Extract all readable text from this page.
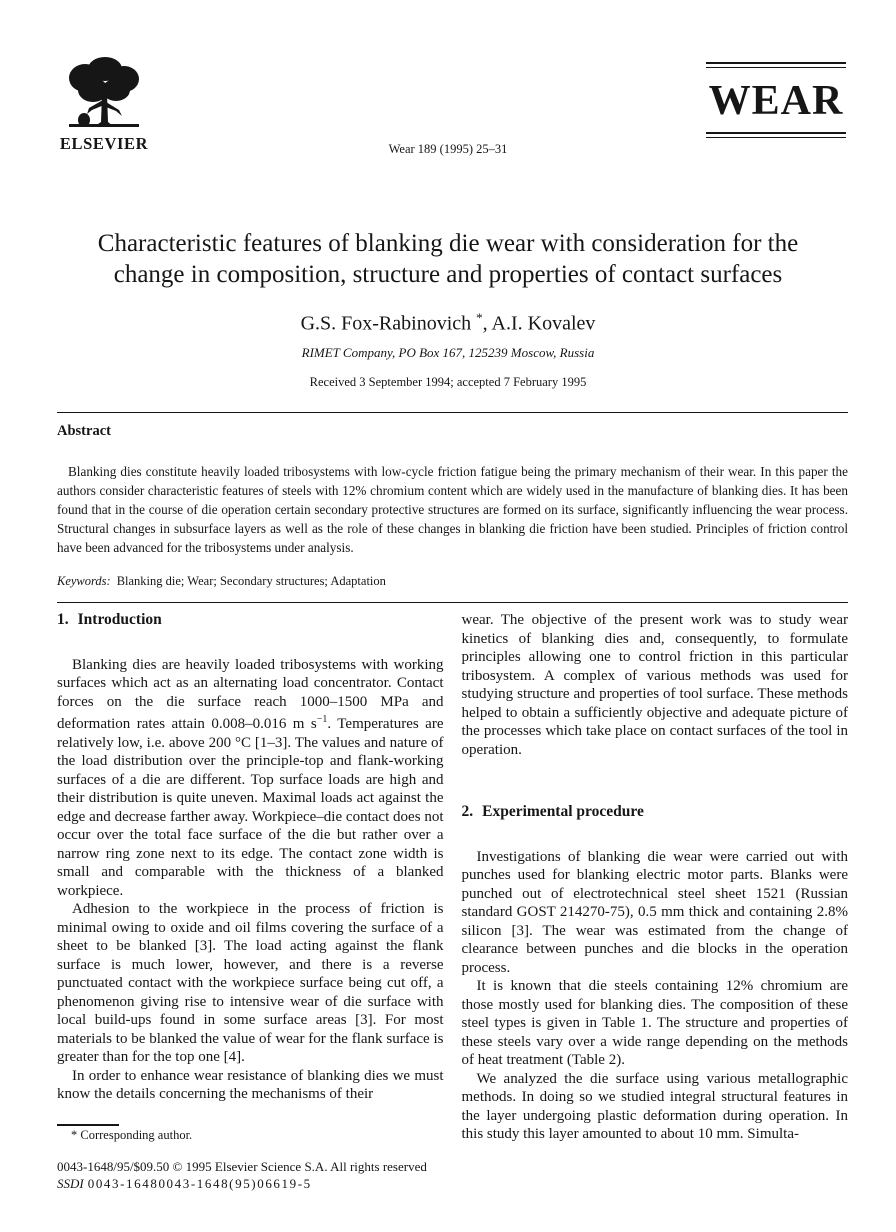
ELSEVIER	Wear 189 (1995) 25–31
WEAR
Characteristic features of blanking die wear with consideration for the
change in composition, structure and properties of contact surfaces
G.S. Fox-Rabinovich *, A.I. Kovalev
RIMET Company, PO Box 167, 125239 Moscow, Russia
Received 3 September 1994; accepted 7 February 1995
Abstract

Blanking dies constitute heavily loaded tribosystems with low-cycle friction fatigue being the primary mechanism of their wear. In this paper the authors consider characteristic features of steels with 12% chromium content which are widely used in the manufacture of blanking dies. It has been found that in the course of die operation certain secondary protective structures are formed on its surface, significantly influencing the wear process. Structural changes in subsurface layers as well as the role of these changes in blanking die friction have been studied. Principles of friction control have been advanced for the tribosystems under analysis.

Keywords: Blanking die; Wear; Secondary structures; Adaptation
1. Introduction

Blanking dies are heavily loaded tribosystems with working surfaces which act as an alternating load concentrator. Contact forces on the die surface reach 1000–1500 MPa and deformation rates attain 0.008–0.016 m $s^{-1}$. Temperatures are relatively low, i.e. above 200 °C [1–3]. The values and nature of the load distribution over the principle-top and flank-working surfaces of a die are different. Top surface loads are high and their distribution is quite uneven. Maximal loads act against the edge and decrease farther away. Workpiece–die contact does not occur over the total face surface of the die but rather over a narrow ring zone next to its edge. The contact zone width is small and comparable with the thickness of a blanked workpiece.

Adhesion to the workpiece in the process of friction is minimal owing to oxide and oil films covering the surface of a sheet to be blanked [3]. The load acting against the flank surface is much lower, however, and there is a reverse punctuated contact with the workpiece surface being cut off, a phenomenon giving rise to intensive wear of die surface with local build-ups found in some surface areas [3]. For most materials to be blanked the value of wear for the flank surface is greater than for the top one [4].

In order to enhance wear resistance of blanking dies we must know the details concerning the mechanisms of their

* Corresponding author.

wear. The objective of the present work was to study wear kinetics of blanking dies and, consequently, to formulate principles allowing one to control friction in this particular tribosystem. A complex of various methods was used for studying structure and properties of tool surface. These methods helped to obtain a sufficiently objective and adequate picture of the processes which take place on contact surfaces of the tool in operation.

2. Experimental procedure

Investigations of blanking die wear were carried out with punches used for blanking electric motor parts. Blanks were punched out of electrotechnical steel sheet 1521 (Russian standard GOST 214270-75), 0.5 mm thick and containing 2.8% silicon [3]. The wear was estimated from the change of clearance between punches and die blocks in the operation process.

It is known that die steels containing 12% chromium are those mostly used for blanking dies. The composition of these steel types is given in Table 1. The structure and properties of these steels vary over a wide range depending on the methods of heat treatment (Table 2).

We analyzed the die surface using various metallographic methods. In doing so we studied integral structural features in the layer undergoing plastic deformation during operation. In this study this layer amounted to about 10 mm. Simulta-

0043-1648/95/$09.50 © 1995 Elsevier Science S.A. All rights reserved
SSDI 0043-16480043-1648(95)06619-5
